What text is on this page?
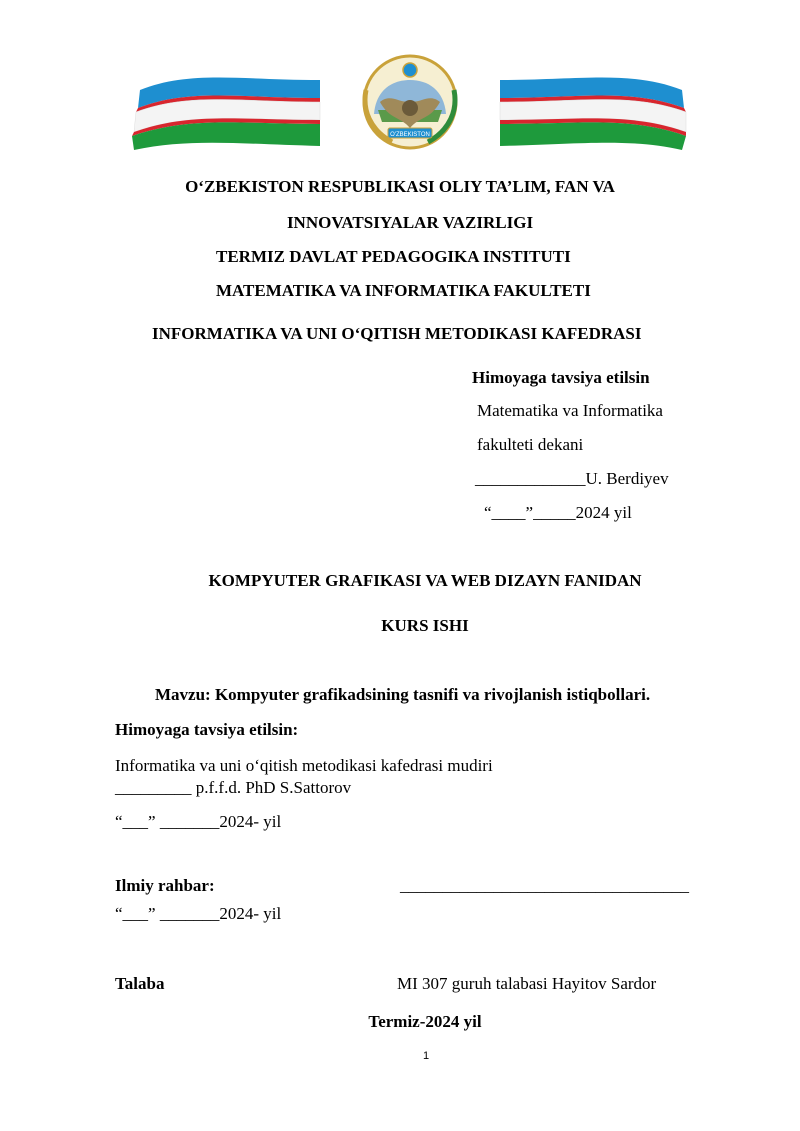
O'ZBEKISTON
O‘ZBEKISTON RESPUBLIKASI OLIY TA’LIM, FAN VA
INNOVATSIYALAR VAZIRLIGI
TERMIZ DAVLAT PEDAGOGIKA INSTITUTI
MATEMATIKA VA INFORMATIKA FAKULTETI
INFORMATIKA VA UNI O‘QITISH METODIKASI KAFEDRASI
Himoyaga tavsiya etilsin
Matematika va Informatika
fakulteti dekani
_____________U. Berdiyev
“____”_____2024 yil
KOMPYUTER GRAFIKASI VA WEB DIZAYN FANIDAN
KURS ISHI
Mavzu: Kompyuter grafikadsining tasnifi va rivojlanish istiqbollari.
Himoyaga tavsiya etilsin:
Informatika va uni o‘qitish metodikasi kafedrasi mudiri
_________ p.f.f.d. PhD S.Sattorov
“___” _______2024- yil
Ilmiy rahbar:	__________________________________
“___” _______2024- yil
Talaba	MI 307 guruh talabasi Hayitov Sardor
Termiz-2024 yil
1
